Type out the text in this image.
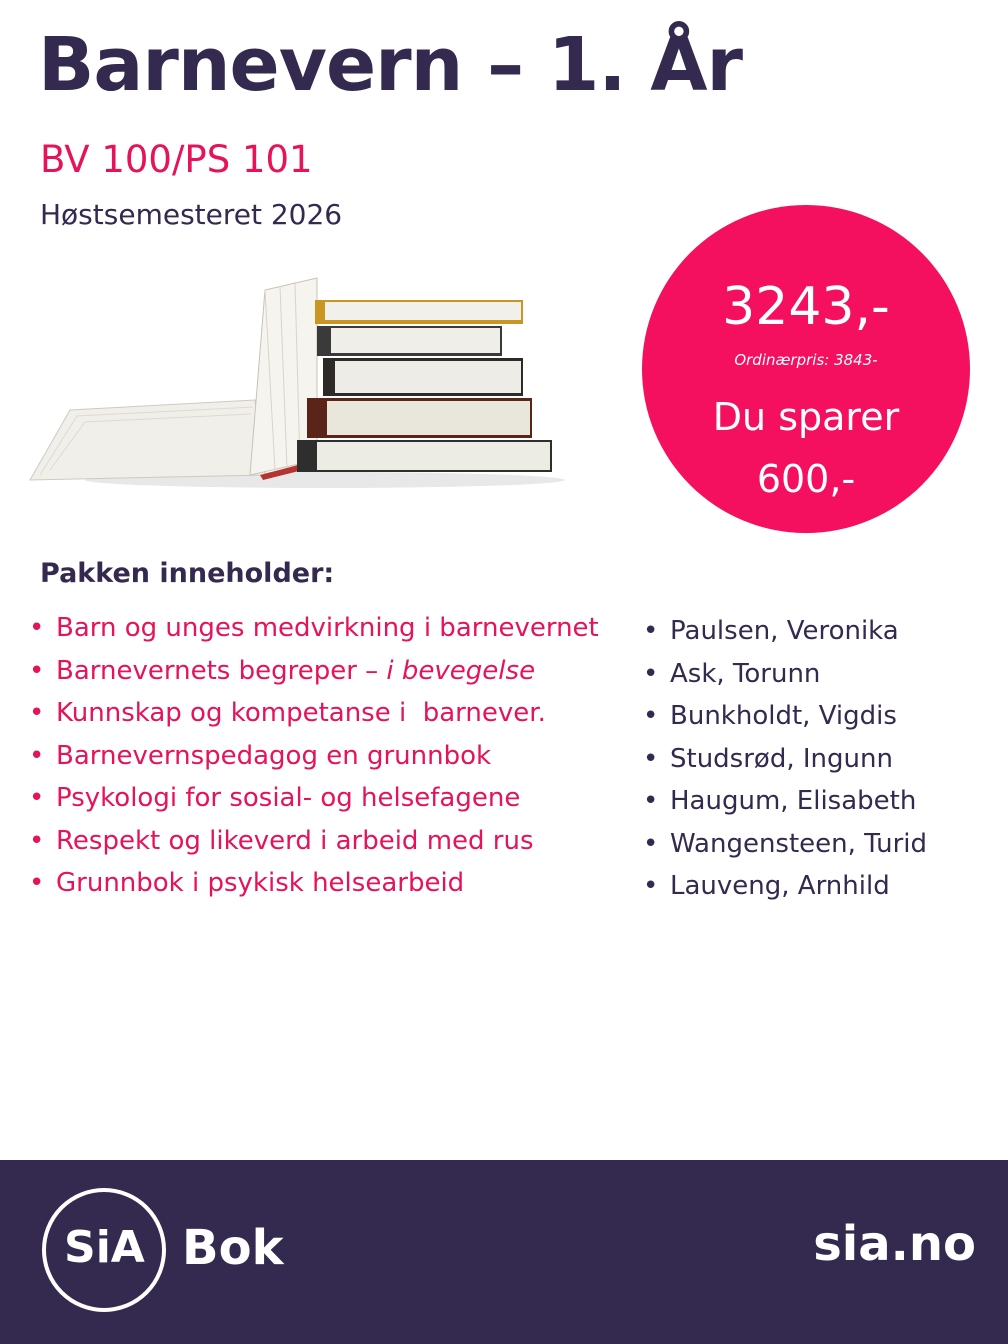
Barnevern – 1. År
BV 100/PS 101
Høstsemesteret 2026
3243,-
Ordinærpris: 3843-
Du sparer
600,-
Pakken inneholder:
• Barn og unges medvirkning i barnevernet
• Barnevernets begreper – i bevegelse
• Kunnskap og kompetanse i  barnever.
• Barnevernspedagog en grunnbok
• Psykologi for sosial- og helsefagene
• Respekt og likeverd i arbeid med rus
• Grunnbok i psykisk helsearbeid
• Paulsen, Veronika
• Ask, Torunn
• Bunkholdt, Vigdis
• Studsrød, Ingunn
• Haugum, Elisabeth
• Wangensteen, Turid
• Lauveng, Arnhild
SiA Bok	sia.no
